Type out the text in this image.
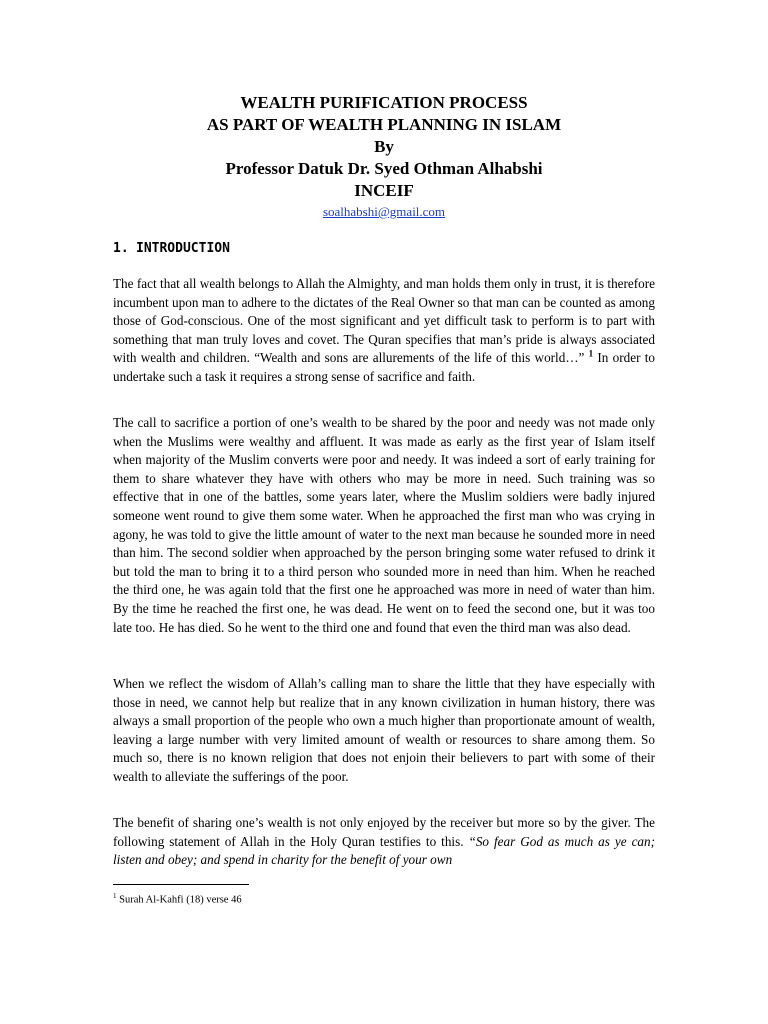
WEALTH PURIFICATION PROCESS

AS PART OF WEALTH PLANNING IN ISLAM

By

Professor Datuk Dr. Syed Othman Alhabshi

INCEIF

soalhabshi@gmail.com
1. INTRODUCTION

The fact that all wealth belongs to Allah the Almighty, and man holds them only in trust, it is therefore incumbent upon man to adhere to the dictates of the Real Owner so that man can be counted as among those of God-conscious. One of the most significant and yet difficult task to perform is to part with something that man truly loves and covet. The Quran specifies that man’s pride is always associated with wealth and children. “Wealth and sons are allurements of the life of this world…” $^1$ In order to undertake such a task it requires a strong sense of sacrifice and faith.

The call to sacrifice a portion of one’s wealth to be shared by the poor and needy was not made only when the Muslims were wealthy and affluent. It was made as early as the first year of Islam itself when majority of the Muslim converts were poor and needy. It was indeed a sort of early training for them to share whatever they have with others who may be more in need. Such training was so effective that in one of the battles, some years later, where the Muslim soldiers were badly injured someone went round to give them some water. When he approached the first man who was crying in agony, he was told to give the little amount of water to the next man because he sounded more in need than him. The second soldier when approached by the person bringing some water refused to drink it but told the man to bring it to a third person who sounded more in need than him. When he reached the third one, he was again told that the first one he approached was more in need of water than him. By the time he reached the first one, he was dead. He went on to feed the second one, but it was too late too. He has died. So he went to the third one and found that even the third man was also dead.

When we reflect the wisdom of Allah’s calling man to share the little that they have especially with those in need, we cannot help but realize that in any known civilization in human history, there was always a small proportion of the people who own a much higher than proportionate amount of wealth, leaving a large number with very limited amount of wealth or resources to share among them. So much so, there is no known religion that does not enjoin their believers to part with some of their wealth to alleviate the sufferings of the poor.

The benefit of sharing one’s wealth is not only enjoyed by the receiver but more so by the giver. The following statement of Allah in the Holy Quran testifies to this. “So fear God as much as ye can; listen and obey; and spend in charity for the benefit of your own

$^1$ Surah Al-Kahfi (18) verse 46
